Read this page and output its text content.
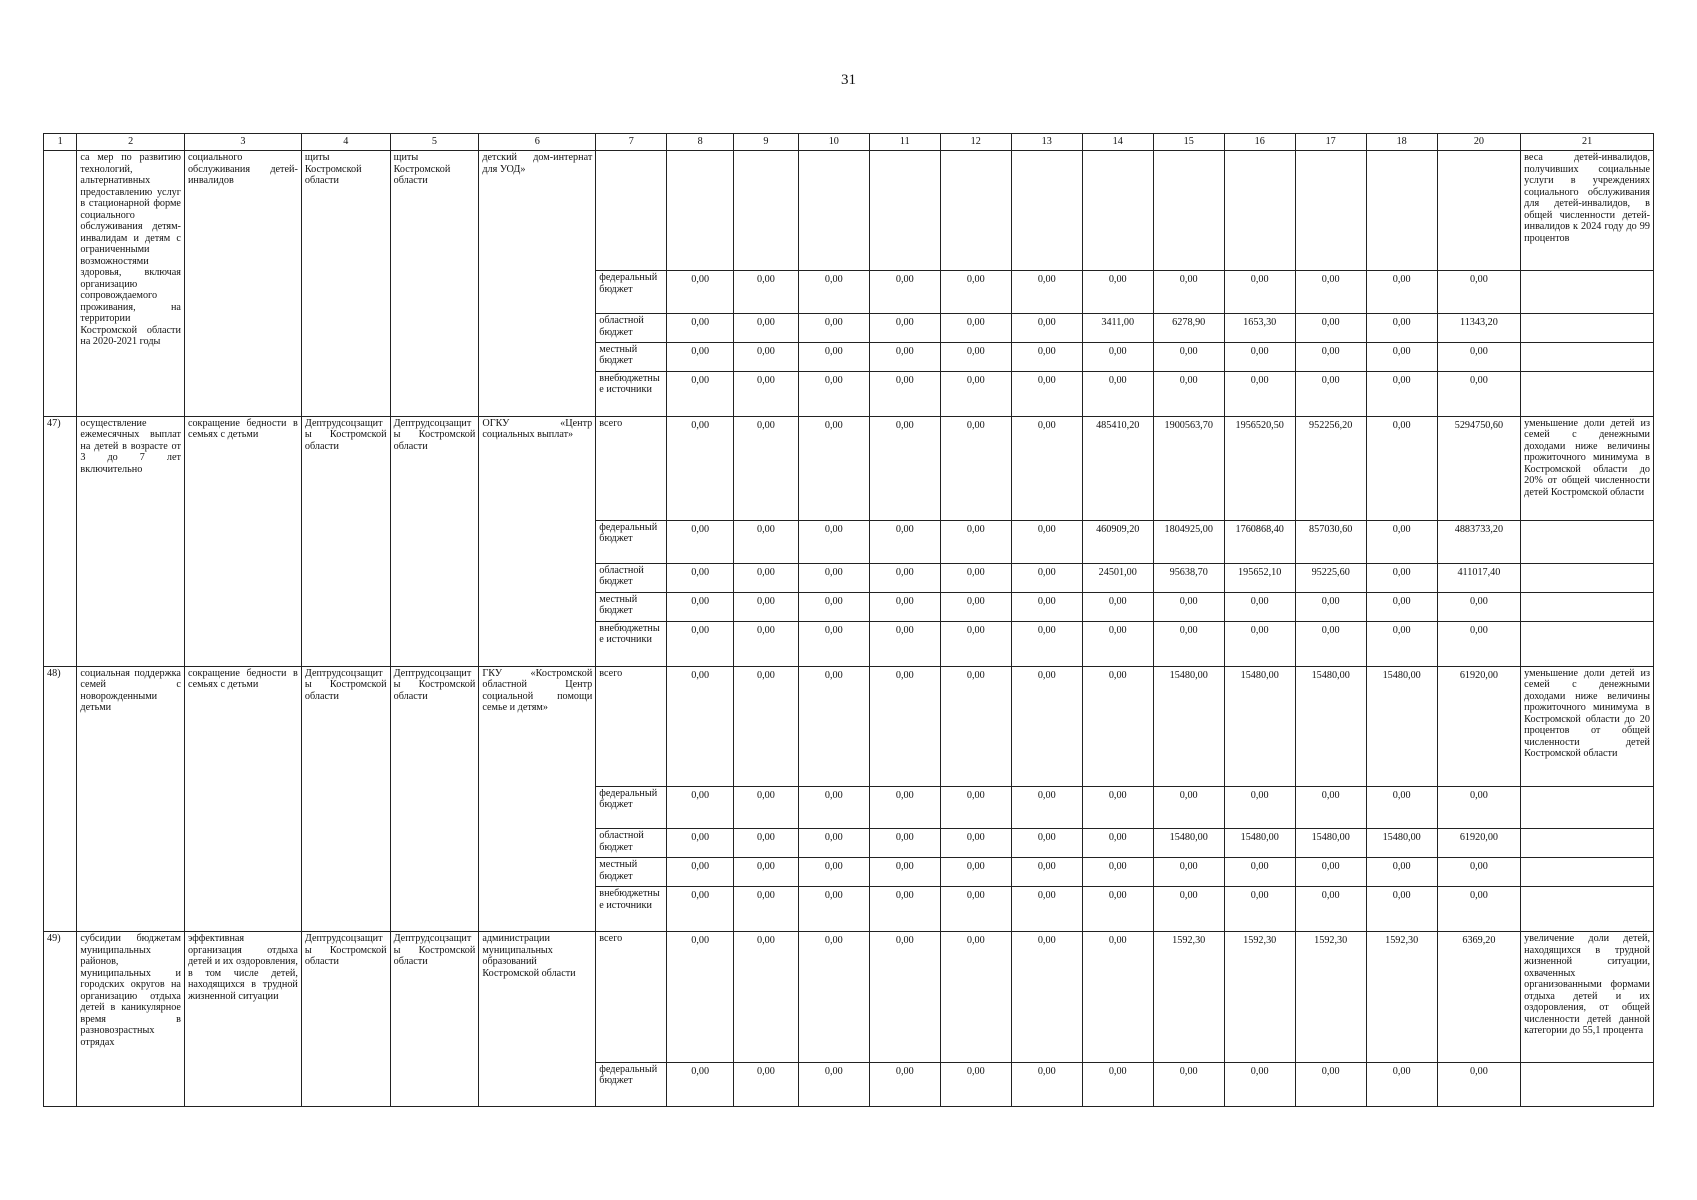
31
1	2	3	4	5	6	7	8	9	10	11	12	13	14	15	16	17	18	20	21
	са мер по развитию технологий, альтернативных предоставлению услуг в стационарной форме социального обслуживания детям-инвалидам и детям с ограниченными возможностями здоровья, включая организацию сопровождаемого проживания, на территории Костромской области на 2020-2021 годы	социального обслуживания детей-инвалидов	щиты Костромской области	щиты Костромской области	детский дом-интернат для УОД»														веса детей-инвалидов, получивших социальные услуги в учреждениях социального обслуживания для детей-инвалидов, в общей численности детей-инвалидов к 2024 году до 99 процентов
						федеральный бюджет	0,00	0,00	0,00	0,00	0,00	0,00	0,00	0,00	0,00	0,00	0,00	0,00	
						областной бюджет	0,00	0,00	0,00	0,00	0,00	0,00	3411,00	6278,90	1653,30	0,00	0,00	11343,20	
						местный бюджет	0,00	0,00	0,00	0,00	0,00	0,00	0,00	0,00	0,00	0,00	0,00	0,00	
						внебюджетные источники	0,00	0,00	0,00	0,00	0,00	0,00	0,00	0,00	0,00	0,00	0,00	0,00	
47)	осуществление ежемесячных выплат на детей в возрасте от 3 до 7 лет включительно	сокращение бедности в семьях с детьми	Дептрудсоцзащиты Костромской области	Дептрудсоцзащиты Костромской области	ОГКУ «Центр социальных выплат»	всего	0,00	0,00	0,00	0,00	0,00	0,00	485410,20	1900563,70	1956520,50	952256,20	0,00	5294750,60	уменьшение доли детей из семей с денежными доходами ниже величины прожиточного минимума в Костромской области до 20% от общей численности детей Костромской области
						федеральный бюджет	0,00	0,00	0,00	0,00	0,00	0,00	460909,20	1804925,00	1760868,40	857030,60	0,00	4883733,20	
						областной бюджет	0,00	0,00	0,00	0,00	0,00	0,00	24501,00	95638,70	195652,10	95225,60	0,00	411017,40	
						местный бюджет	0,00	0,00	0,00	0,00	0,00	0,00	0,00	0,00	0,00	0,00	0,00	0,00	
						внебюджетные источники	0,00	0,00	0,00	0,00	0,00	0,00	0,00	0,00	0,00	0,00	0,00	0,00	
48)	социальная поддержка семей с новорожденными детьми	сокращение бедности в семьях с детьми	Дептрудсоцзащиты Костромской области	Дептрудсоцзащиты Костромской области	ГКУ «Костромской областной Центр социальной помощи семье и детям»	всего	0,00	0,00	0,00	0,00	0,00	0,00	0,00	15480,00	15480,00	15480,00	15480,00	61920,00	уменьшение доли детей из семей с денежными доходами ниже величины прожиточного минимума в Костромской области до 20 процентов от общей численности детей Костромской области
						федеральный бюджет	0,00	0,00	0,00	0,00	0,00	0,00	0,00	0,00	0,00	0,00	0,00	0,00	
						областной бюджет	0,00	0,00	0,00	0,00	0,00	0,00	0,00	15480,00	15480,00	15480,00	15480,00	61920,00	
						местный бюджет	0,00	0,00	0,00	0,00	0,00	0,00	0,00	0,00	0,00	0,00	0,00	0,00	
						внебюджетные источники	0,00	0,00	0,00	0,00	0,00	0,00	0,00	0,00	0,00	0,00	0,00	0,00	
49)	субсидии бюджетам муниципальных районов, муниципальных и городских округов на организацию отдыха детей в каникулярное время в разновозрастных отрядах	эффективная организация отдыха детей и их оздоровления, в том числе детей, находящихся в трудной жизненной ситуации	Дептрудсоцзащиты Костромской области	Дептрудсоцзащиты Костромской области	администрации муниципальных образований Костромской области	всего	0,00	0,00	0,00	0,00	0,00	0,00	0,00	1592,30	1592,30	1592,30	1592,30	6369,20	увеличение доли детей, находящихся в трудной жизненной ситуации, охваченных организованными формами отдыха детей и их оздоровления, от общей численности детей данной категории до 55,1 процента
						федеральный бюджет	0,00	0,00	0,00	0,00	0,00	0,00	0,00	0,00	0,00	0,00	0,00	0,00	
